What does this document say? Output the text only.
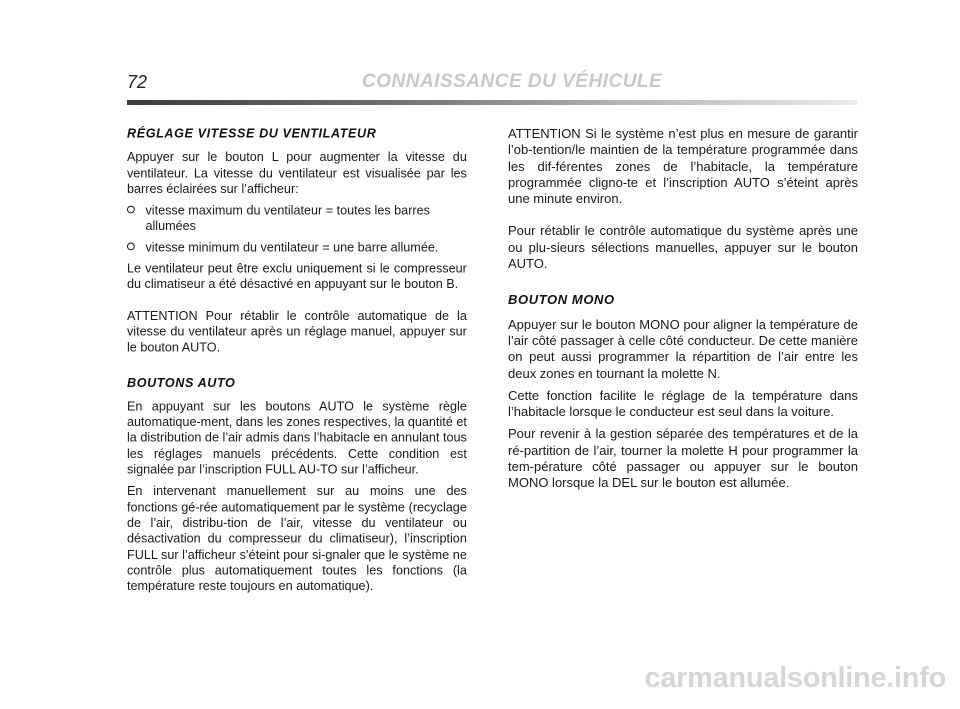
72	CONNAISSANCE DU VÉHICULE

RÉGLAGE VITESSE DU VENTILATEUR

Appuyer sur le bouton L pour augmenter la vitesse du ventilateur. La vitesse du ventilateur est visualisée par les barres éclairées sur l’afficheur:

vitesse maximum du ventilateur = toutes les barres allumées
vitesse minimum du ventilateur = une barre allumée.

Le ventilateur peut être exclu uniquement si le compresseur du climatiseur a été désactivé en appuyant sur le bouton B.

ATTENTION Pour rétablir le contrôle automatique de la vitesse du ventilateur après un réglage manuel, appuyer sur le bouton AUTO.

BOUTONS AUTO

En appuyant sur les boutons AUTO le système règle automatique-ment, dans les zones respectives, la quantité et la distribution de l’air admis dans l’habitacle en annulant tous les réglages manuels précédents. Cette condition est signalée par l’inscription FULL AU-TO sur l’afficheur.

En intervenant manuellement sur au moins une des fonctions gé-rée automatiquement par le système (recyclage de l’air, distribu-tion de l’air, vitesse du ventilateur ou désactivation du compresseur du climatiseur), l’inscription FULL sur l’afficheur s’éteint pour si-gnaler que le système ne contrôle plus automatiquement toutes les fonctions (la température reste toujours en automatique).

ATTENTION Si le système n’est plus en mesure de garantir l’ob-tention/le maintien de la température programmée dans les dif-férentes zones de l’habitacle, la température programmée cligno-te et l’inscription AUTO s’éteint après une minute environ.

Pour rétablir le contrôle automatique du système après une ou plu-sieurs sélections manuelles, appuyer sur le bouton AUTO.

BOUTON MONO

Appuyer sur le bouton MONO pour aligner la température de l’air côté passager à celle côté conducteur. De cette manière on peut aussi programmer la répartition de l’air entre les deux zones en tournant la molette N.

Cette fonction facilite le réglage de la température dans l’habitacle lorsque le conducteur est seul dans la voiture.

Pour revenir à la gestion séparée des températures et de la ré-partition de l’air, tourner la molette H pour programmer la tem-pérature côté passager ou appuyer sur le bouton MONO lorsque la DEL sur le bouton est allumée.

carmanualsonline.info
